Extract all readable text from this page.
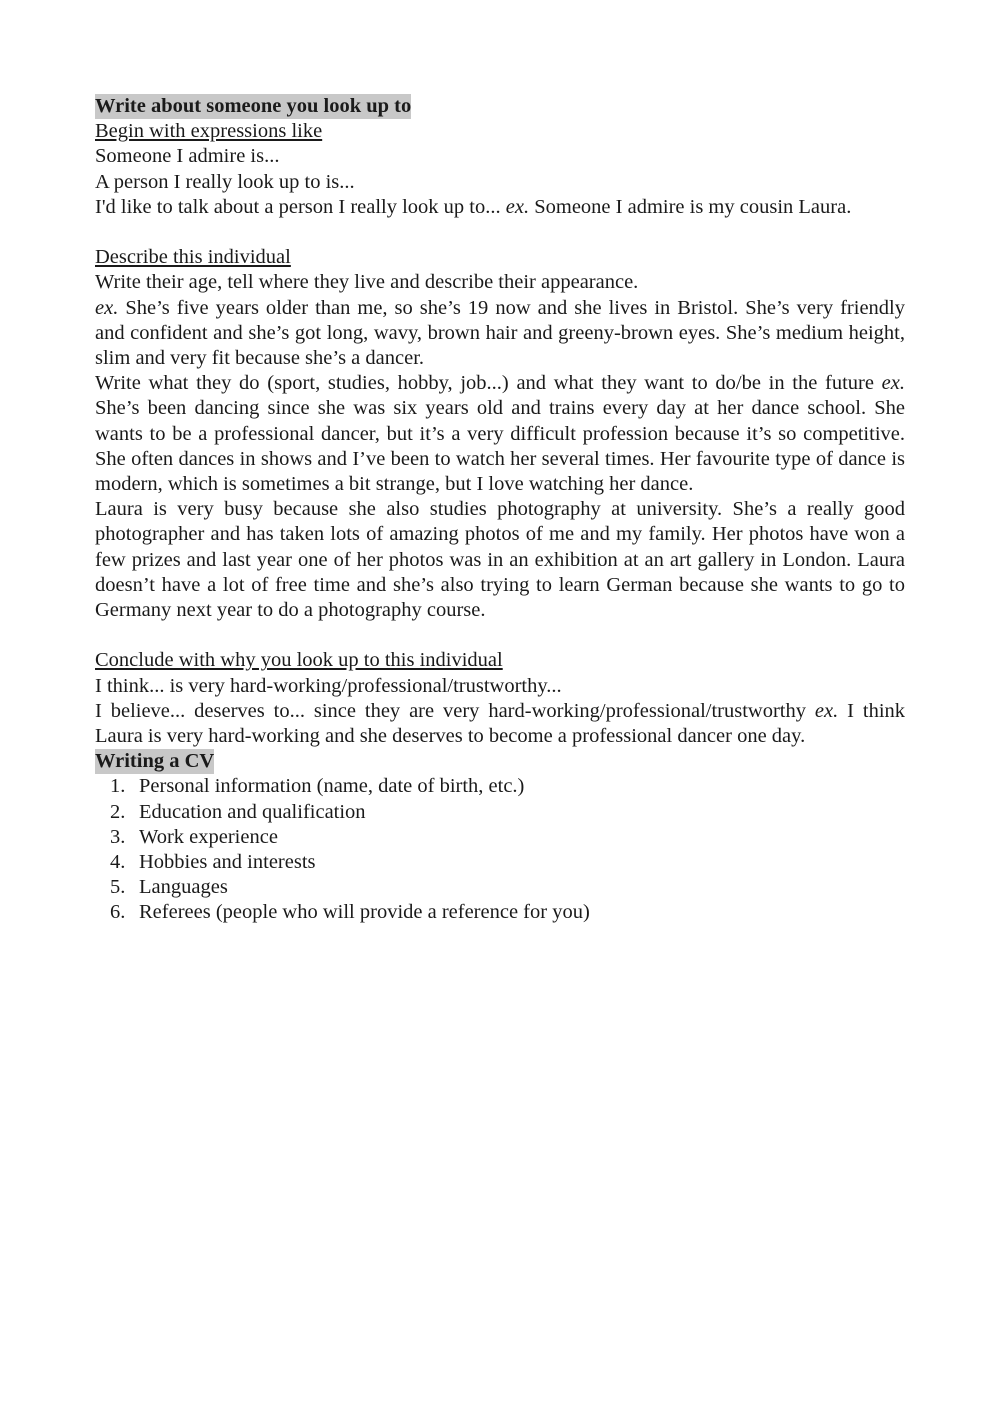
Write about someone you look up to
Begin with expressions like
Someone I admire is...
A person I really look up to is...
I'd like to talk about a person I really look up to... ex. Someone I admire is my cousin Laura.
Describe this individual
Write their age, tell where they live and describe their appearance.
ex. She’s five years older than me, so she’s 19 now and she lives in Bristol. She’s very friendly and confident and she’s got long, wavy, brown hair and greeny-brown eyes. She’s medium height, slim and very fit because she’s a dancer.
Write what they do (sport, studies, hobby, job...) and what they want to do/be in the future ex. She’s been dancing since she was six years old and trains every day at her dance school. She wants to be a professional dancer, but it’s a very difficult profession because it’s so competitive. She often dances in shows and I’ve been to watch her several times. Her favourite type of dance is modern, which is sometimes a bit strange, but I love watching her dance.
Laura is very busy because she also studies photography at university. She’s a really good photographer and has taken lots of amazing photos of me and my family. Her photos have won a few prizes and last year one of her photos was in an exhibition at an art gallery in London. Laura doesn’t have a lot of free time and she’s also trying to learn German because she wants to go to Germany next year to do a photography course.
Conclude with why you look up to this individual
I think... is very hard-working/professional/trustworthy...
I believe... deserves to... since they are very hard-working/professional/trustworthy ex. I think Laura is very hard-working and she deserves to become a professional dancer one day.
Writing a CV
1. Personal information (name, date of birth, etc.)
2. Education and qualification
3. Work experience
4. Hobbies and interests
5. Languages
6. Referees (people who will provide a reference for you)
